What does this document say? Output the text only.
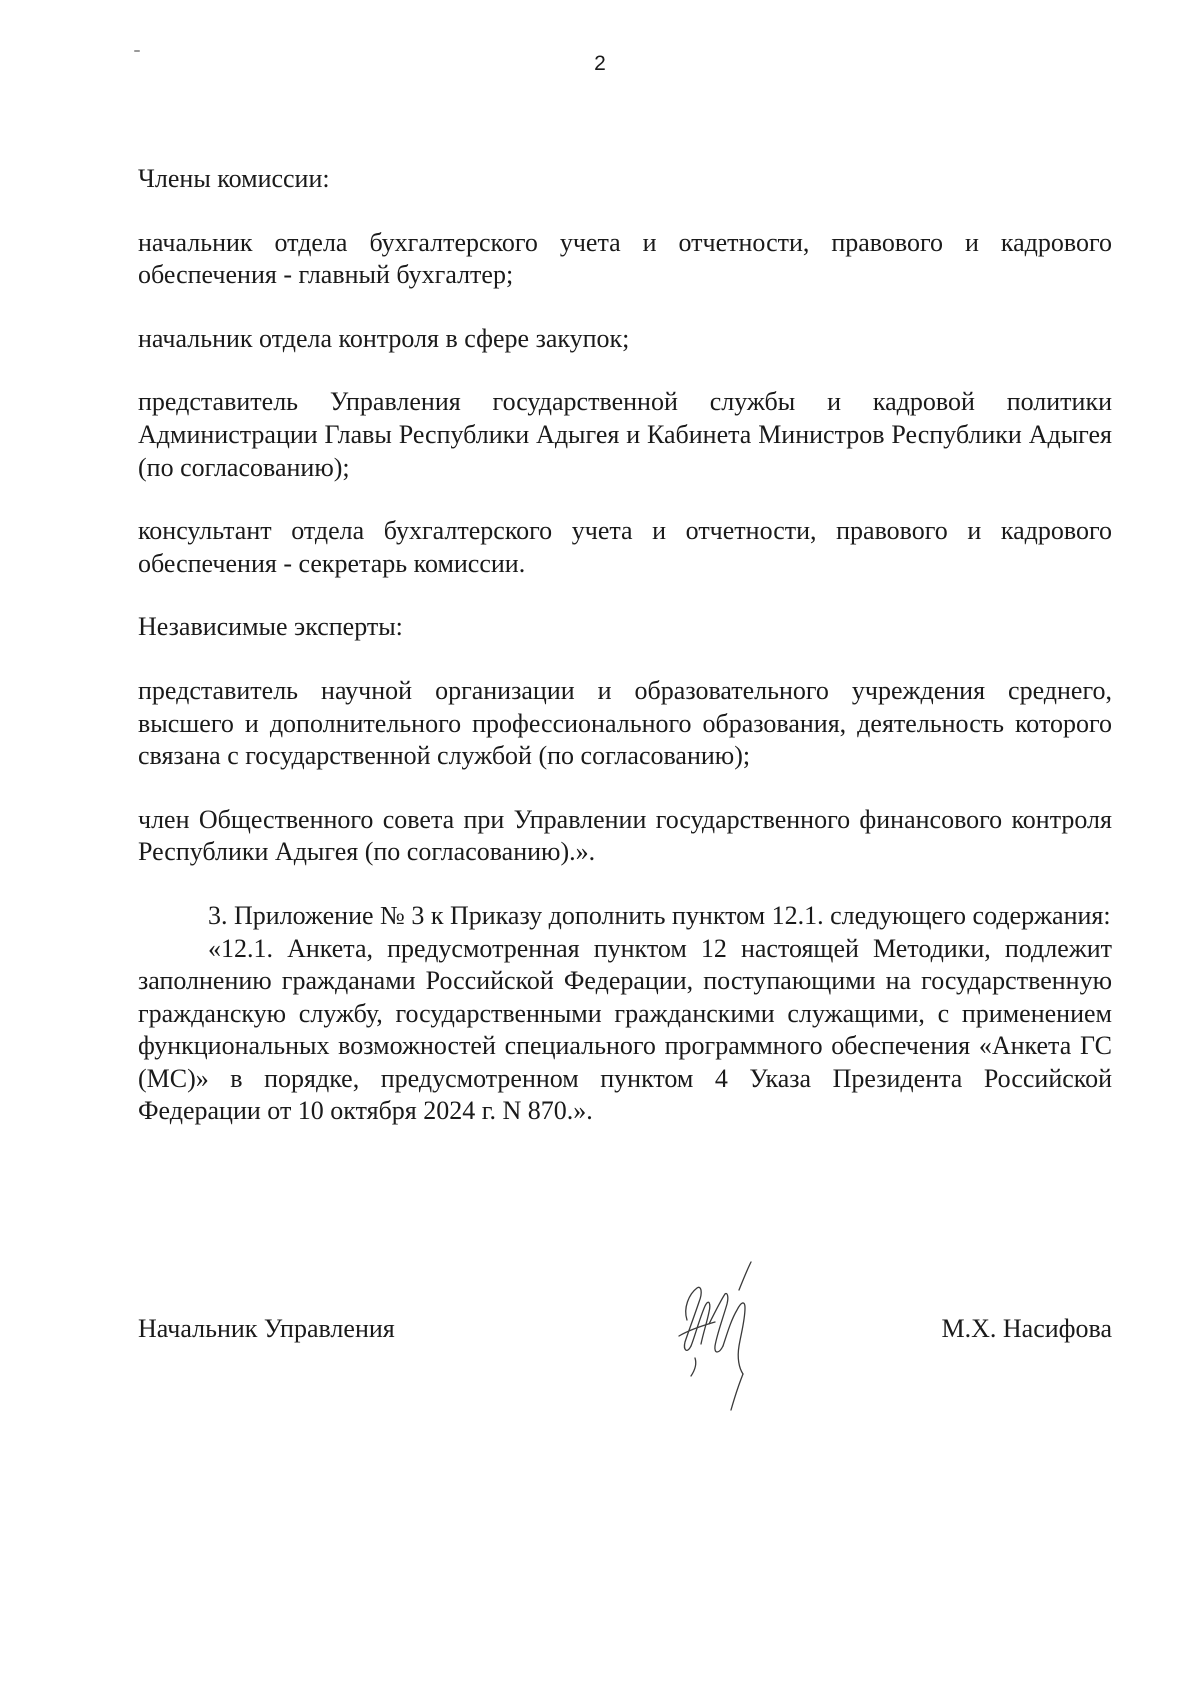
2

Члены комиссии:

начальник отдела бухгалтерского учета и отчетности, правового и кадрового обеспечения - главный бухгалтер;

начальник отдела контроля в сфере закупок;

представитель Управления государственной службы и кадровой политики Администрации Главы Республики Адыгея и Кабинета Министров Республики Адыгея (по согласованию);

консультант отдела бухгалтерского учета и отчетности, правового и кадрового обеспечения - секретарь комиссии.

Независимые эксперты:

представитель научной организации и образовательного учреждения среднего, высшего и дополнительного профессионального образования, деятельность которого связана с государственной службой (по согласованию);

член Общественного совета при Управлении государственного финансового контроля Республики Адыгея (по согласованию).».

3. Приложение № 3 к Приказу дополнить пунктом 12.1. следующего содержания:

«12.1. Анкета, предусмотренная пунктом 12 настоящей Методики, подлежит заполнению гражданами Российской Федерации, поступающими на государственную гражданскую службу, государственными гражданскими служащими, с применением функциональных возможностей специального программного обеспечения «Анкета ГС (МС)» в порядке, предусмотренном пунктом 4 Указа Президента Российской Федерации от 10 октября 2024 г. N 870.».

Начальник Управления	М.Х. Насифова
